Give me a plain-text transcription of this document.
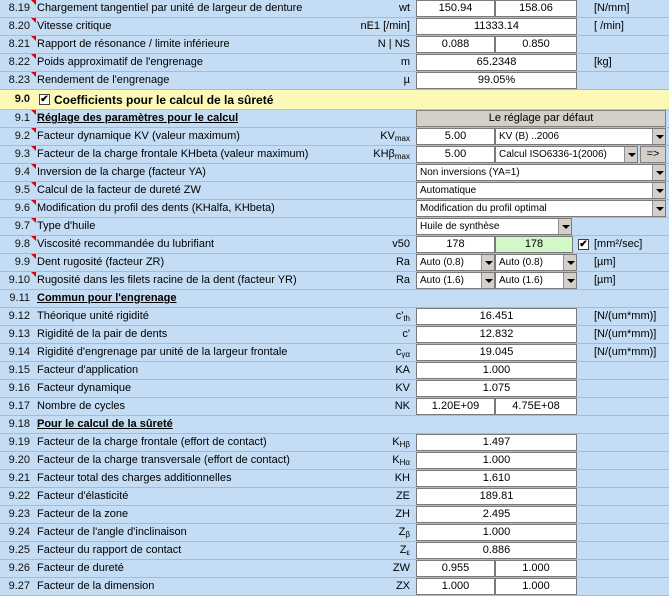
8.19 Chargement tangentiel par unité de largeur de denture	wt	150.94	158.06	[N/mm]
8.20 Vitesse critique	nE1 [/min]	11333.14	[ /min]
8.21 Rapport de résonance / limite inférieure	N | NS	0.088	0.850
8.22 Poids approximatif de l'engrenage	m	65.2348	[kg]
8.23 Rendement de l'engrenage	µ	99.05%
9.0 ✔ Coefficients pour le calcul de la sûreté
9.1 Réglage des paramètres pour le calcul	Le réglage par défaut
9.2 Facteur dynamique KV (valeur maximum)	$KV_{max}$	5.00	KV (B) ..2006
9.3 Facteur de la charge frontale KHbeta (valeur maximum)	KHβ$_{max}$	5.00	Calcul ISO6336-1(2006)	=>
9.4 Inversion de la charge (facteur YA)	Non inversions (YA=1)
9.5 Calcul de la facteur de dureté ZW	Automatique
9.6 Modification du profil des dents (KHalfa, KHbeta)	Modification du profil optimal
9.7 Type d'huile	Huile de synthèse
9.8 Viscosité recommandée du lubrifiant	v50	178	178	✔ [mm²/sec]
9.9 Dent rugosité (facteur ZR)	Ra	Auto (0.8)	Auto (0.8)	[µm]
9.10 Rugosité dans les filets racine de la dent (facteur YR)	Ra	Auto (1.6)	Auto (1.6)	[µm]
9.11 Commun pour l'engrenage
9.12 Théorique unité rigidité	$c'_{th}$	16.451	[N/(um*mm)]
9.13 Rigidité de la pair de dents	c'	12.832	[N/(um*mm)]
9.14 Rigidité d'engrenage par unité de la largeur frontale	$c_{\gamma\alpha}$	19.045	[N/(um*mm)]
9.15 Facteur d'application	KA	1.000
9.16 Facteur dynamique	KV	1.075
9.17 Nombre de cycles	NK	1.20E+09	4.75E+08
9.18 Pour le calcul de la sûreté
9.19 Facteur de la charge frontale (effort de contact)	$K_{H\beta}$	1.497
9.20 Facteur de la charge transversale (effort de contact)	$K_{H\alpha}$	1.000
9.21 Facteur total des charges additionnelles	KH	1.610
9.22 Facteur d'élasticité	ZE	189.81
9.23 Facteur de la zone	ZH	2.495
9.24 Facteur de l'angle d'inclinaison	$Z_\beta$	1.000
9.25 Facteur du rapport de contact	$Z_\varepsilon$	0.886
9.26 Facteur de dureté	ZW	0.955	1.000
9.27 Facteur de la dimension	ZX	1.000	1.000
